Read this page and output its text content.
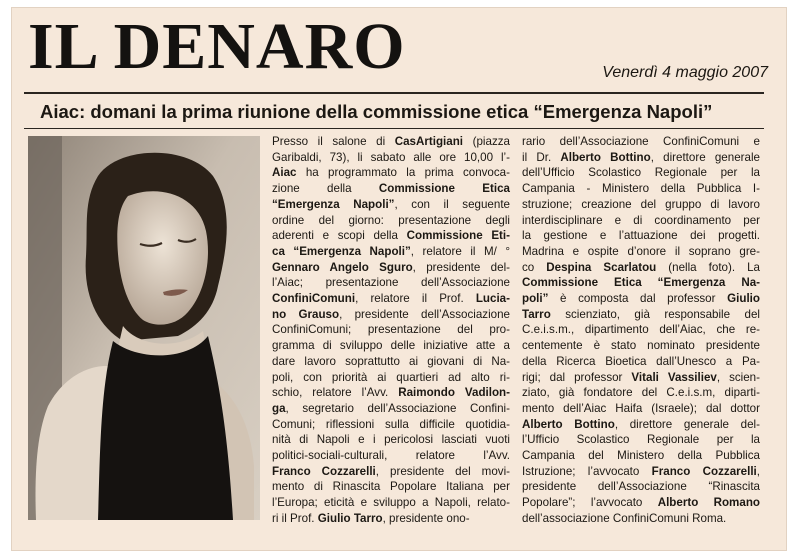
IL DENARO	Venerdì 4 maggio 2007
Aiac: domani la prima riunione della commissione etica “Emergenza Napoli”
Presso il salone di CasArtigiani (piazza
Garibaldi, 73), li sabato alle ore 10,00 l’-
Aiac ha programmato la prima convoca-
zione della Commissione Etica
“Emergenza Napoli”, con il seguente
ordine del giorno: presentazione degli
aderenti e scopi della Commissione Eti-
ca “Emergenza Napoli”, relatore il M/ °
Gennaro Angelo Sguro, presidente del-
l’Aiac; presentazione dell’Associazione
ConfiniComuni, relatore il Prof. Lucia-
no Grauso, presidente dell’Associazione
ConfiniComuni; presentazione del pro-
gramma di sviluppo delle iniziative atte a
dare lavoro soprattutto ai giovani di Na-
poli, con priorità ai quartieri ad alto ri-
schio, relatore l’Avv. Raimondo Vadilon-
ga, segretario dell’Associazione Confini-
Comuni; riflessioni sulla difficile quotidia-
nità di Napoli e i pericolosi lasciati vuoti
politici-sociali-culturali, relatore l’Avv.
Franco Cozzarelli, presidente del movi-
mento di Rinascita Popolare Italiana per
l’Europa; eticità e sviluppo a Napoli, relato-
ri il Prof. Giulio Tarro, presidente ono-
rario dell’Associazione ConfiniComuni e
il Dr. Alberto Bottino, direttore generale
dell’Ufficio Scolastico Regionale per la
Campania - Ministero della Pubblica I-
struzione; creazione del gruppo di lavoro
interdisciplinare e di coordinamento per
la gestione e l’attuazione dei progetti.
Madrina e ospite d’onore il soprano gre-
co Despina Scarlatou (nella foto). La
Commissione Etica “Emergenza Na-
poli” è composta dal professor Giulio
Tarro scienziato, già responsabile del
C.e.i.s.m., dipartimento dell’Aiac, che re-
centemente è stato nominato presidente
della Ricerca Bioetica dall’Unesco a Pa-
rigi; dal professor Vitali Vassiliev, scien-
ziato, già fondatore del C.e.i.s.m, diparti-
mento dell’Aiac Haifa (Israele); dal dottor
Alberto Bottino, direttore generale del-
l’Ufficio Scolastico Regionale per la
Campania del Ministero della Pubblica
Istruzione; l’avvocato Franco Cozzarelli,
presidente dell’Associazione “Rinascita
Popolare”; l’avvocato Alberto Romano
dell’associazione ConfiniComuni Roma.
